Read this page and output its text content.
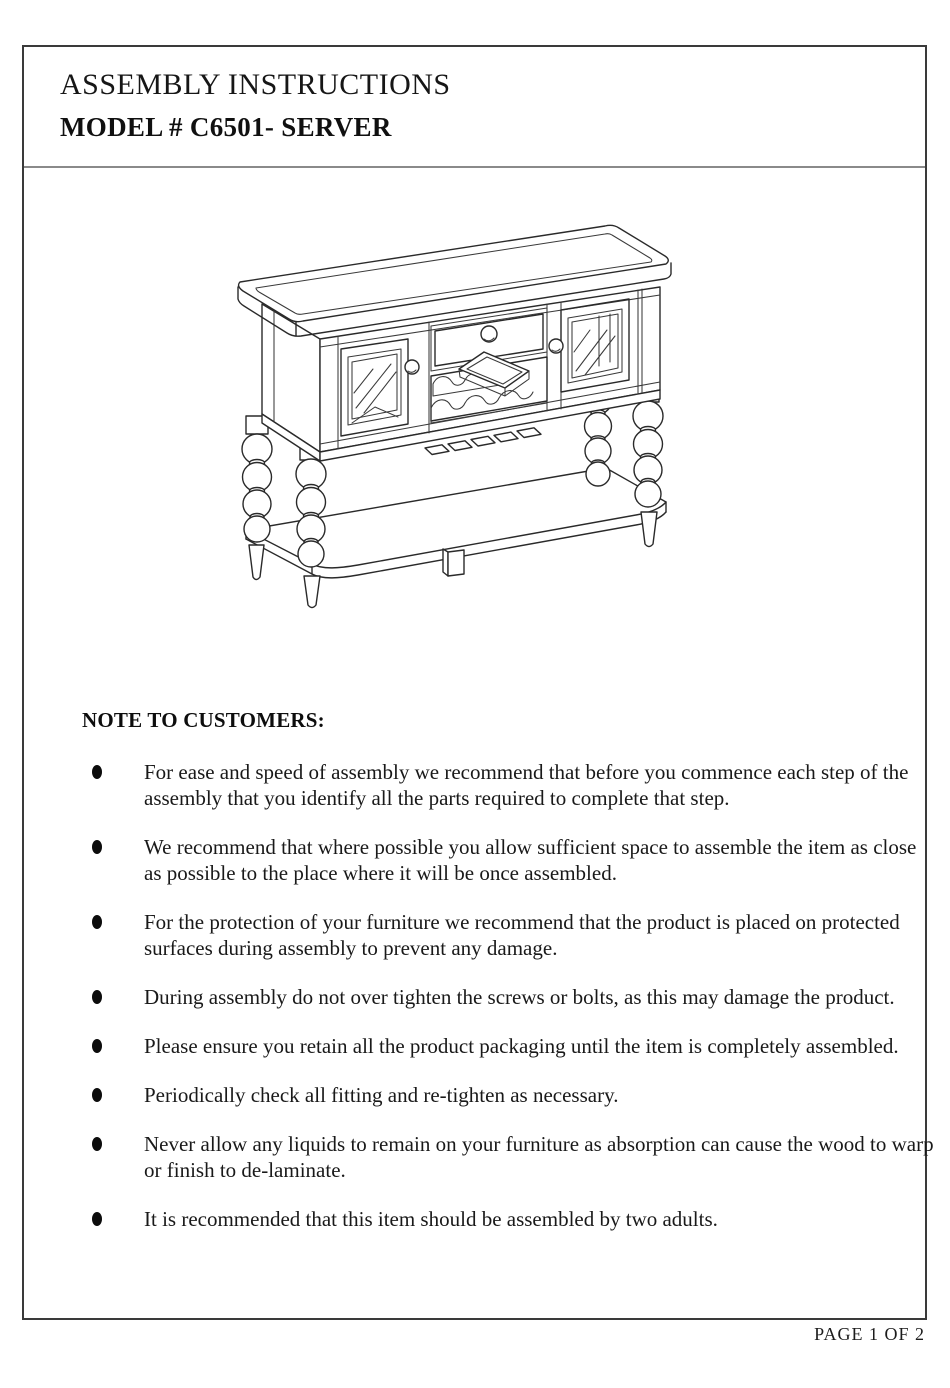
ASSEMBLY INSTRUCTIONS
MODEL # C6501- SERVER
NOTE TO CUSTOMERS:
For ease and speed of assembly we recommend that before you commence each step of the assembly that you identify all the parts required to complete that step.
We recommend that where possible you allow sufficient space to assemble the item as close as possible to the place where it will be once assembled.
For the protection of your furniture we recommend that the product is placed on protected surfaces during assembly to prevent any damage.
During assembly do not over tighten the screws or bolts, as this may damage the product.
Please ensure you retain all the product packaging until the item is completely assembled.
Periodically check all fitting and re-tighten as necessary.
Never allow any liquids to remain on your furniture as absorption can cause the wood to warp or finish to de-laminate.
It is recommended that this item should be assembled by two adults.
PAGE 1 OF 2
